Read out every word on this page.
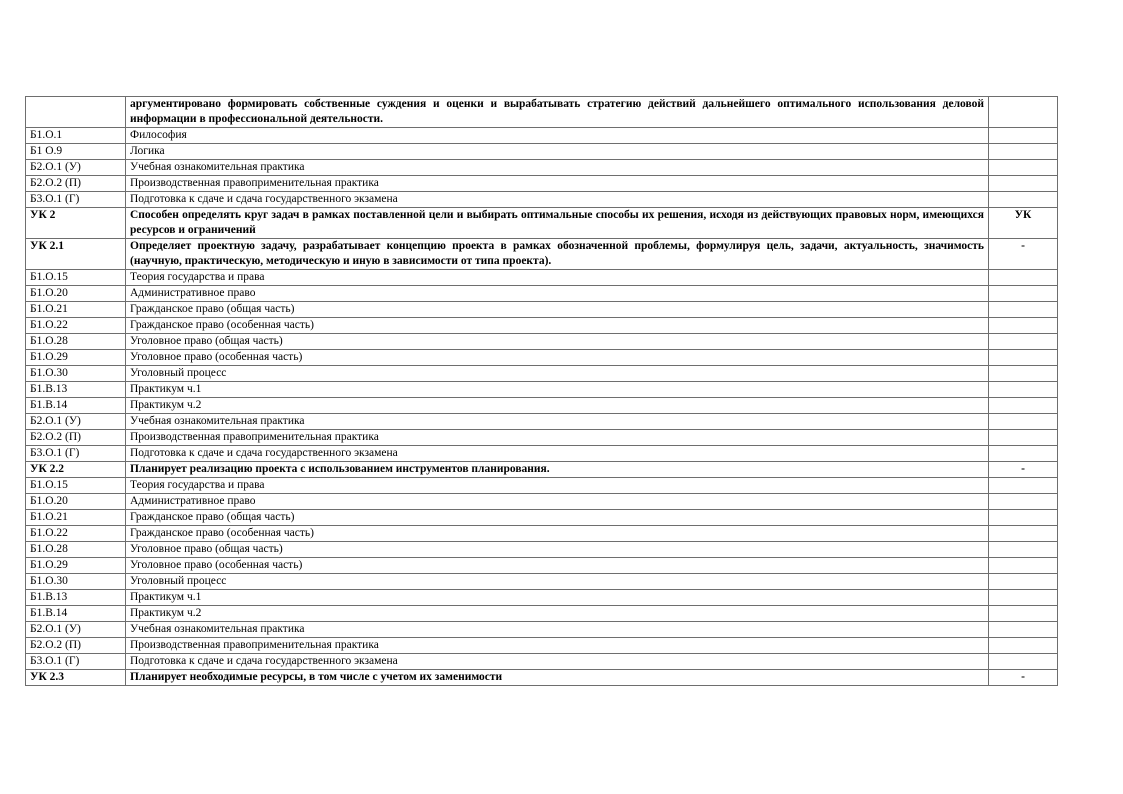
	аргументировано формировать собственные суждения и оценки и вырабатывать стратегию действий дальнейшего оптимального использования деловой информации в профессиональной деятельности.	
Б1.О.1	Философия	
Б1 О.9	Логика	
Б2.О.1 (У)	Учебная ознакомительная практика	
Б2.О.2 (П)	Производственная правоприменительная практика	
Б3.О.1 (Г)	Подготовка к сдаче и сдача государственного экзамена	
УК 2	Способен определять круг задач в рамках поставленной цели и выбирать оптимальные способы их решения, исходя из действующих правовых норм, имеющихся ресурсов и ограничений	УК
УК 2.1	Определяет проектную задачу, разрабатывает концепцию проекта в рамках обозначенной проблемы, формулируя цель, задачи, актуальность, значимость (научную, практическую, методическую и иную в зависимости от типа проекта).	-
Б1.О.15	Теория государства и права	
Б1.О.20	Административное право	
Б1.О.21	Гражданское право (общая часть)	
Б1.О.22	Гражданское право (особенная часть)	
Б1.О.28	Уголовное право (общая часть)	
Б1.О.29	Уголовное право (особенная часть)	
Б1.О.30	Уголовный процесс	
Б1.В.13	Практикум ч.1	
Б1.В.14	Практикум ч.2	
Б2.О.1 (У)	Учебная ознакомительная практика	
Б2.О.2 (П)	Производственная правоприменительная практика	
Б3.О.1 (Г)	Подготовка к сдаче и сдача государственного экзамена	
УК 2.2	Планирует реализацию проекта с использованием инструментов планирования.	-
Б1.О.15	Теория государства и права	
Б1.О.20	Административное право	
Б1.О.21	Гражданское право (общая часть)	
Б1.О.22	Гражданское право (особенная часть)	
Б1.О.28	Уголовное право (общая часть)	
Б1.О.29	Уголовное право (особенная часть)	
Б1.О.30	Уголовный процесс	
Б1.В.13	Практикум ч.1	
Б1.В.14	Практикум ч.2	
Б2.О.1 (У)	Учебная ознакомительная практика	
Б2.О.2 (П)	Производственная правоприменительная практика	
Б3.О.1 (Г)	Подготовка к сдаче и сдача государственного экзамена	
УК 2.3	Планирует необходимые ресурсы, в том числе с учетом их заменимости	-
